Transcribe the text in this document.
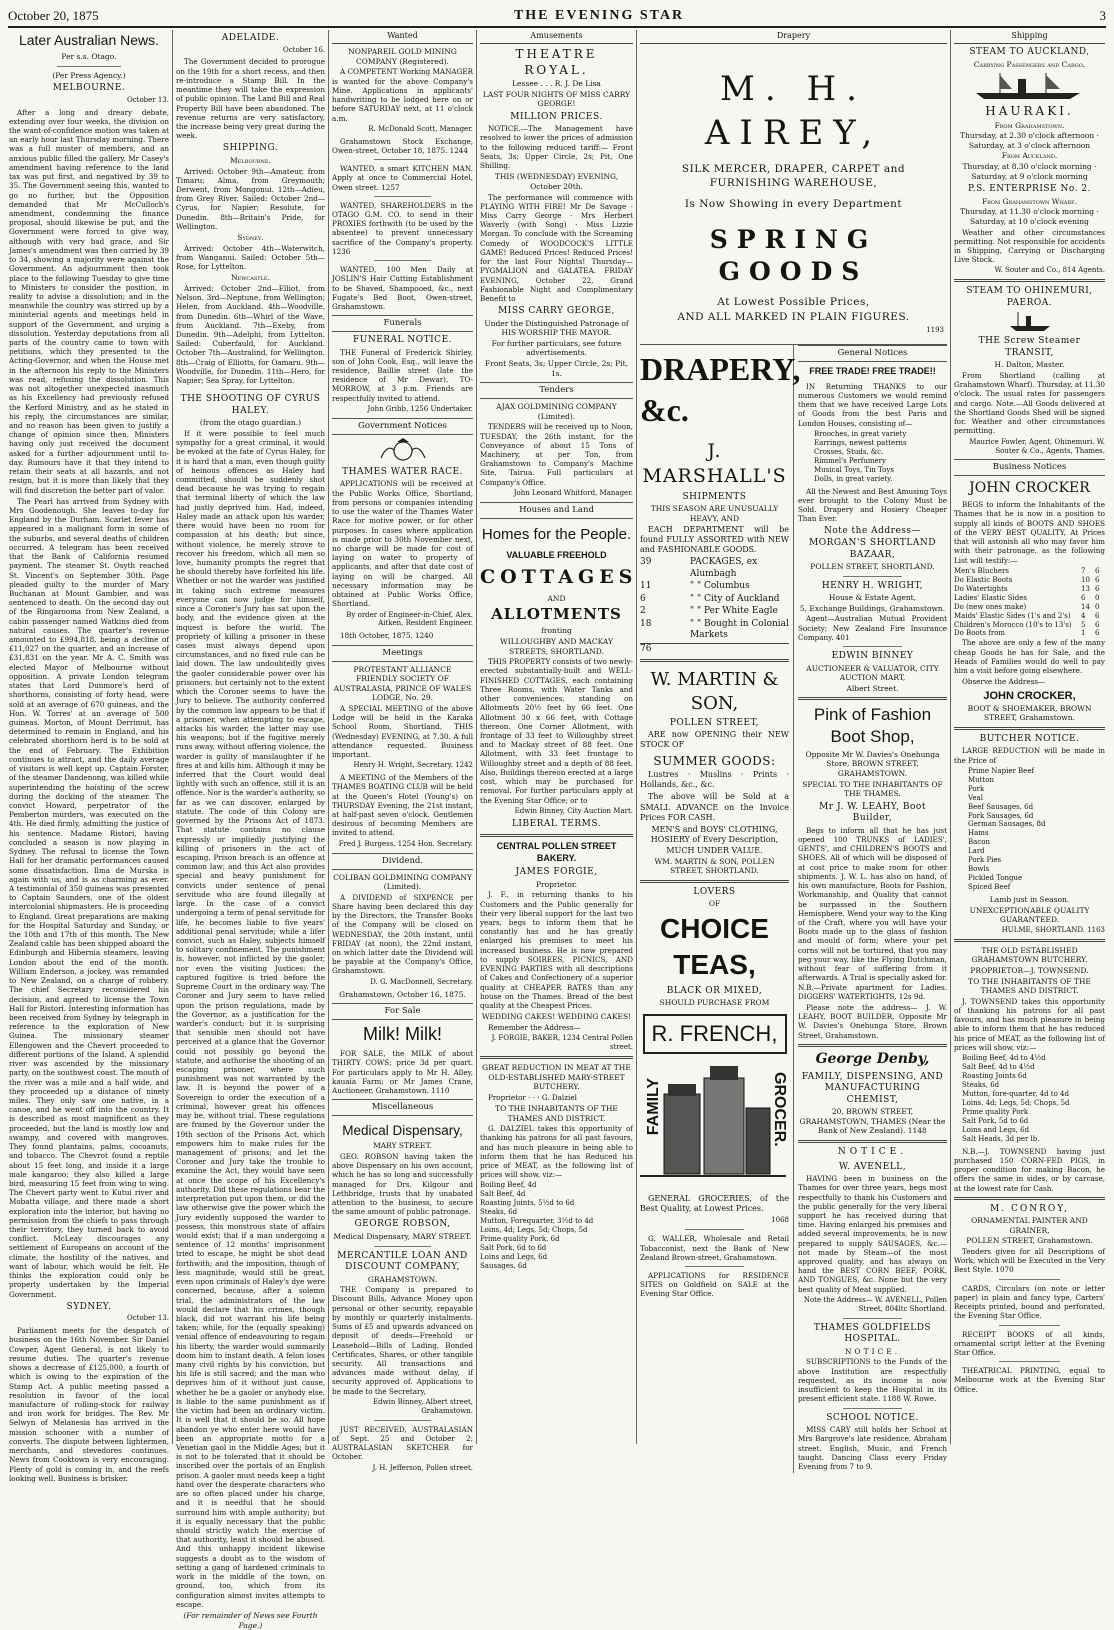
October 20, 1875	THE EVENING STAR	3
Later Australian News.
Per s.s. Otago.
(Per Press Agency.)
MELBOURNE.
October 13.

After a long and dreary debate, extending over four weeks, the division on the want-of-confidence motion was taken at an early hour last Thursday morning. There was a full muster of members, and an anxious public filled the gallery. Mr Casey's amendment having reference to the land tax was put first, and negatived by 39 to 35. The Government seeing this, wanted to go no further, but the Opposition demanded that Mr McCulloch's amendment, condemning the finance proposal, should likewise be put, and the Government were forced to give way, although with very bad grace, and Sir James's amendment was then carried by 39 to 34, showing a majority were against the Government. An adjournment then took place to the following Tuesday to give time to Ministers to consider the position, in reality to advise a dissolution; and in the meanwhile the country was stirred up by a ministerial agents and meetings held in support of the Government, and urging a dissolution. Yesterday deputations from all parts of the country came to town with petitions, which they presented to the Acting-Governor, and when the House met in the afternoon his reply to the Ministers was read, refusing the dissolution. This was not altogether unexpected inasmuch as his Excellency had previously refused the Kerford Ministry, and as he stated in his reply, the circumstances are similar, and no reason has been given to justify a change of opinion since then. Ministers having only just received the document asked for a further adjournment until to-day. Rumours have it that they intend to retain their seats at all hazards, and not resign, but it is more than likely that they will find discretion the better part of valor.

The Pearl has arrived from Sydney with Mrs Goodenough. She leaves to-day for England by the Durham. Scarlet fever has appeared in a malignant form in some of the suburbs, and several deaths of children occurred. A telegram has been received that the Bank of California resumed payment. The steamer St. Osyth reached St. Vincent's on September 30th. Page pleaded guilty to the murder of Mary Buchanan at Mount Gambier, and was sentenced to death. On the second day out of the Ringarooma from New Zealand, a cabin passenger named Watkins died from natural causes. The quarter's revenue amounted to £994,818, being a decline of £11,027 on the quarter, and an increase of £31,831 on the year. Mr A. C. Smith was elected Mayor of Melbourne without opposition. A private London telegram states that Lord Dunmore's herd of shorthorns, consisting of forty head, were sold at an average of 670 guineas, and the Hon. W. Torres' at an average of 500 guineas. Morton, of Mount Derrimut, has determined to remain in England, and his celebrated shorthorn herd is to be sold at the end of February. The Exhibition continues to attract, and the daily average of visitors is well kept up. Captain Forster, of the steamer Dandenong, was killed while superintending the hoisting of the screw during the docking of the steamer. The convict Howard, perpetrator of the Pemberton murders, was executed on the 4th. He died firmly, admitting the justice of his sentence. Madame Ristori, having concluded a season is now playing in Sydney. The refusal to license the Town Hall for her dramatic performances caused some dissatisfaction. Ilma de Murska is again with us, and is as charming as ever. A testimonial of 350 guineas was presented to Captain Saunders, one of the oldest intercolonial shipmasters. He is proceeding to England. Great preparations are making for the Hospital Saturday and Sunday, or the 10th and 17th of this month. The New Zealand cable has been shipped aboard the Edinburgh and Hibernia steamers, leaving London about the end of the month. William Enderson, a jockey, was remanded to New Zealand, on a charge of robbery. The chief Secretary reconsidered his decision, and agreed to license the Town Hall for Ristori. Interesting information has been received from Sydney by telegraph in reference to the exploration of New Guinea. The missionary steamer Ellengowen and the Chevert proceeded to different portions of the Island. A splendid river was ascended by the missionary party, on the southwest coast. The mouth of the river was a mile and a half wide, and they proceeded up a distance of ninety miles. They only saw one native, in a canoe, and he went off into the country. It is described as most magnificent as they proceeded, but the land is mostly low and swampy, and covered with mangroves. They found plantains, palms, cocoanuts, and tobacco. The Chevrot found a reptile about 15 feet long, and inside it a large male kangaroo; they also killed a large bird, measuring 15 feet from wing to wing. The Chevert party went to Kutui river and Mobatta village, and there made a short exploration into the interior, but having no permission from the chiefs to pass through their territory, they turned back to avoid conflict. McLeay discourages any settlement of Europeans on account of the climate, the hostility of the natives, and want of labour, which would be felt. He thinks the exploration could only be properly undertaken by the Imperial Government.

SYDNEY.
October 13.

Parliament meets for the despatch of business on the 16th November. Sir Daniel Cowper, Agent General, is not likely to resume duties. The quarter's revenue shows a decrease of £125,000, a fourth of which is owing to the expiration of the Stamp Act. A public meeting passed a resolution in favour of the local manufacture of rolling-stock for railway and iron work for bridges. The Rev. Mr Selwyn of Melanesia has arrived in the mission schooner with a number of converts. The dispute between lightermen, merchants, and stevedores continues. News from Cooktown is very encouraging. Plenty of gold is coming in, and the reefs looking well. Business is brisker.

ADELAIDE.
October 16.

The Government decided to prorogue on the 19th for a short recess, and then re-introduce a Stamp Bill. In the meantime they will take the expression of public opinion. The Land Bill and Real Property Bill have been abandoned. The revenue returns are very satisfactory, the increase being very great during the week.

SHIPPING.
Melbourne.

Arrived: October 9th—Amateur, from Timaru; Alma, from Greymouth; Derwent, from Mongonui. 12th—Adieu, from Grey River. Sailed: October 2nd—Cyrus, for Napier; Resolute, for Dunedin. 8th—Britain's Pride, for Wellington.

Sydney.

Arrived: October 4th—Waterwitch, from Wanganui. Sailed: October 5th—Rose, for Lyttelton.

Newcastle.

Arrived: October 2nd—Elliot, from Nelson. 3rd—Neptune, from Wellington; Helen, from Auckland. 4th—Woodville, from Dunedin. 6th—Whirl of the Wave, from Auckland. 7th—Exeby, from Dunedin. 9th—Adelphi, from Lyttelton. Sailed: Cuberfauld, for Auckland. October 7th—Australind, for Wellington. 8th—Craig of Elliotts, for Oamaru. 9th—Woodville, for Dunedin. 11th—Hero, for Napier; Sea Spray, for Lyttelton.

THE SHOOTING OF CYRUS HALEY.
(from the otago guardian.)

If it were possible to feel much sympathy for a great criminal, it would be evoked at the fate of Cyrus Haley, for it is hard that a man, even though guilty of heinous offences as Haley had committed, should be suddenly shot dead because he was trying to regain that terminal liberty of which the law had justly deprived him. Had, indeed, Haley made an attack upon his warder, there would have been no room for compassion at his death; but since, without violence, he merely strove to recover his freedom, which all men so love, humanity prompts the regret that he should thereby have forfeited his life. Whether or not the warder was justified in taking such extreme measures everyone can now judge for himself, since a Coroner's Jury has sat upon the body, and the evidence given at the inquest is before the world. The propriety of killing a prisoner in these cases must always depend upon circumstances, and no fixed rule can be laid down. The law undoubtedly gives the gaoler considerable power over his prisoners, but certainly not to the extent which the Coroner seems to have the Jury to believe. The authority conferred by the common law appears to be that if a prisoner, when attempting to escape, attacks his warder, the latter may use his weapons; but if the fugitive merely runs away, without offering violence, the warder is guilty of manslaughter if he fires at and kills him. Although it may be inferred that the Court would deal lightly with such an offence, still it is an offence. Nor is the warder's authority, so far as we can discover, enlarged by statute. The code of this Colony are governed by the Prisons Act of 1873. That statute contains no clause expressly or impliedly justifying the killing of prisoners in the act of escaping. Prison breach is an offence at common law; and this Act also provides special and heavy punishment for convicts under sentence of penal servitude who are found illegally at large. In the case of a convict undergoing a term of penal servitude for life, he becomes liable to five years' additional penal servitude; while a lifer convict, such as Haley, subjects himself to solitary confinement. The punishment is, however, not inflicted by the gaoler, nor even the visiting Justices: the captured fugitive is tried before the Supreme Court in the ordinary way. The Coroner and Jury seem to have relied upon the prison regulations, made by the Governor, as a justification for the warder's conduct; but it is surprising that sensible men should not have perceived at a glance that the Governor could not possibly go beyond the statute, and authorise the shooting of an escaping prisoner, where such punishment was not warranted by the law. It is beyond the power of a Sovereign to order the execution of a criminal, however great his offences may be, without trial. These regulations are framed by the Governor under the 19th section of the Prisons Act, which empowers him to make rules for the management of prisons; and let the Coroner and Jury take the trouble to examine the Act, they would have seen at once the scope of his Excellency's authority. Did these regulations bear the interpretation put upon them, or did the law otherwise give the power which the Jury evidently supposed the warder to possess, this monstrous state of affairs would exist; that if a man undergoing a sentence of 12 months' imprisonment tried to escape, he might be shot dead forthwith; and the imposition, though of less magnitude, would still be great, even upon criminals of Haley's dye were concerned, because, after a solemn trial, the administrators of the law would declare that his crimes, though black, did not warrant his life being taken; while, for the (equally speaking) venial offence of endeavouring to regain his liberty, the warder would summarily doom him to instant death. A felon loses many civil rights by his conviction, but his life is still sacred; and the man who deprives him of it without just cause, whether he be a gaoler or anybody else, is liable to the same punishment as if the victim had been an ordinary victim. It is well that it should be so. All hope abandon ye who enter here would have been an appropriate motto for a Venetian gaol in the Middle Ages; but it is not to be tolerated that it should be inscribed over the portals of an English prison. A gaoler must needs keep a tight hand over the desperate characters who are so often placed under his charge, and it is needful that he should surround him with ample authority; but it is equally necessary that the public should strictly watch the exercise of that authority, least it should be abused. And this unhappy incident likewise suggests a doubt as to the wisdom of setting a gang of hardened criminals to work in the middle of the town, on ground, too, which from its configuration almost invites attempts to escape.

(For remainder of News see Fourth Page.)
Wanted
NONPAREIL GOLD MINING COMPANY (Registered).

A COMPETENT Working MANAGER is wanted for the above Company's Mine. Applications in applicants' handwriting to be lodged here on or before SATURDAY next, at 11 o'clock a.m.

R. McDonald Scott, Manager.

Grahamstown Stock Exchange, Owen-street, October 18, 1875. 1244

WANTED, a smart KITCHEN MAN. Apply at once to Commercial Hotel, Owen street. 1257

WANTED, SHAREHOLDERS in the OTAGO G.M. CO. to send in their PROXIES forthwith (to be used by the absentee) to prevent unnecessary sacrifice of the Company's property. 1236

WANTED, 100 Men Daily at JOSLIN'S Hair Cutting Establishment to be Shaved, Shampooed, &c., next Fugate's Bed Boot, Owen-street, Grahamstown.

Funerals
FUNERAL NOTICE.

THE Funeral of Frederick Shirley, son of John Cook, Esq., will leave the residence, Baillie street (late the residence of Mr Dewar), TO-MORROW, at 3 p.m. Friends are respectfully invited to attend.

John Gribb, 1256 Undertaker.
Government Notices
THAMES WATER RACE.

APPLICATIONS will be received at the Public Works Office, Shortland, from persons or companies intending to use the water of the Thames Water Race for motive power, or for other purposes. In cases where application is made prior to 30th November next, no charge will be made for cost of laying on water to property of applicants, and after that date cost of laying on will be charged. All necessary information may be obtained at Public Works Office, Shortland.

By order of Engineer-in-Chief, Alex. Aitken, Resident Engineer.
18th October, 1875. 1240
Meetings
PROTESTANT ALLIANCE FRIENDLY SOCIETY OF AUSTRALASIA, PRINCE OF WALES LODGE, No. 29.

A SPECIAL MEETING of the above Lodge will be held in the Karaka School Room, Shortland, THIS (Wednesday) EVENING, at 7.30. A full attendance requested. Business important.

Henry H. Wright, Secretary. 1242

A MEETING of the Members of the THAMES BOATING CLUB will be held at the Queen's Hotel (Young's) on THURSDAY Evening, the 21st instant, at half-past seven o'clock. Gentlemen desirous of becoming Members are invited to attend.

Fred J. Burgess, 1254 Hon. Secretary.
Dividend.
COLIBAN GOLDMINING COMPANY (Limited).

A DIVIDEND of SIXPENCE per Share having been declared this day by the Directors, the Transfer Books of the Company will be closed on WEDNESDAY, the 20th instant, until FRIDAY (at noon), the 22nd instant, on which latter date the Dividend will be payable at the Company's Office, Grahamstown.

D. G. MacDonnell, Secretary.
Grahamstown, October 16, 1875.
For Sale
Milk! Milk!

FOR SALE, the MILK of about THIRTY COWS; price 3d per quart. For particulars apply to Mr H. Alley, kauaia Farm; or Mr James Crane, Auctioneer, Grahamstown. 1110

Miscellaneous
Medical Dispensary,
MARY STREET.

GEO. ROBSON having taken the above Dispensary on his own account, which he has so long and successfully managed for Drs. Kilgour and Lethbridge, trusts that by unabated attention to the business, to secure the same amount of public patronage.

GEORGE ROBSON,
Medical Dispensary, MARY STREET.
MERCANTILE LOAN AND DISCOUNT COMPANY,
GRAHAMSTOWN.

THE Company is prepared to Discount Bills, Advance Money upon personal or other security, repayable by monthly or quarterly instalments. Sums of £5 and upwards advanced on deposit of deeds—Freehold or Leasehold—Bills of Lading, Bonded Certificates, Shares, or other tangible security. All transactions and advances made without delay, if security approved of. Applications to be made to the Secretary,

Edwin Binney, Albert street, Grahamstown.

JUST RECEIVED, AUSTRALASIAN of Sept. 25 and October 2; AUSTRALASIAN SKETCHER for October.

J. H. Jefferson, Pollen street.
Amusements
THEATRE ROYAL.
Lessee . . . R. J. De Lisa
LAST FOUR NIGHTS OF MISS CARRY GEORGE!
MILLION PRICES.

NOTICE.—The Management have resolved to lower the prices of admission to the following reduced tariff:— Front Seats, 3s; Upper Circle, 2s; Pit, One Shilling.

THIS (WEDNESDAY) EVENING, October 20th.

The performance will commence with PLAYING WITH FIRE! Mr De Savage · Miss Carry George · Mrs Herbert Waverly (with Song) · Miss Lizzie Morgan. To conclude with the Screaming Comedy of WOODCOCK'S LITTLE GAME! Reduced Prices! Reduced Prices! for the last Four Nights! Thursday—PYGMALION and GALATEA. FRIDAY EVENING, October 22, Grand Fashionable Night and Complimentary Benefit to

MISS CARRY GEORGE,
Under the Distinguished Patronage of HIS WORSHIP THE MAYOR.
For further particulars, see future advertisements.
Front Seats, 3s; Upper Circle, 2s; Pit, 1s.
Tenders
AJAX GOLDMINING COMPANY (Limited).

TENDERS will be received up to Noon, TUESDAY, the 26th instant, for the Conveyance of about 15 Tons of Machinery, at per Ton, from Grahamstown to Company's Machine Site, Tairua. Full particulars at Company's Office.

John Leonard Whitford, Manager.
Houses and Land
Homes for the People.
VALUABLE FREEHOLD
COTTAGES
AND
ALLOTMENTS
fronting
WILLOUGHBY AND MACKAY STREETS, SHORTLAND.

THIS PROPERTY consists of two newly-erected substantially-built and WELL-FINISHED COTTAGES, each containing Three Rooms, with Water Tanks and other conveniences, standing on Allotments 20½ feet by 66 feet. One Allotment 30 x 66 feet, with Cottage thereon. One Corner Allotment, with frontage of 33 feet to Willoughby street and to Mackay street of 88 feet. One Allotment, with 33 feet frontage to Willoughby street and a depth of 88 feet. Also, Buildings thereon erected at a large cost, which may be purchased for removal. For further particulars apply at the Evening Star Office; or to

Edwin Binney, City Auction Mart.
LIBERAL TERMS.
CENTRAL POLLEN STREET BAKERY.
JAMES FORGIE,
Proprietor.

J. F., in returning thanks to his Customers and the Public generally for their very liberal support for the last two years, begs to inform them that he constantly has and he has greatly enlarged his premises to meet his increased business. He is now prepared to supply SOIREES, PICNICS, AND EVENING PARTIES with all descriptions of Cakes and Confectionery of a superior quality at CHEAPER RATES than any house on the Thames. Bread of the best quality at the Cheapest Prices.

WEDDING CAKES! WEDDING CAKES!
Remember the Address—
J. FORGIE, BAKER, 1234 Central Pollen street.
GREAT REDUCTION IN MEAT AT THE OLD-ESTABLISHED MARY-STREET BUTCHERY.
Proprietor · · · G. Dalziel
TO THE INHABITANTS OF THE THAMES AND DISTRICT.

G. DALZIEL takes this opportunity of thanking his patrons for all past favours, and has much pleasure in being able to inform them that he has Reduced his price of MEAT, as the following list of prices will show, viz:—

Boiling Beef, 4d
Salt Beef, 4d
Roasting Joints, 5½d to 6d
Steaks, 6d
Mutton, Forequarter, 3½d to 4d
Loins, 4d; Legs, 5d; Chops, 5d
Prime quality Pork, 6d
Salt Pork, 6d to 6d
Loins and Legs, 6d
Sausages, 6d
Drapery
M. H. AIREY,
SILK MERCER, DRAPER, CARPET and FURNISHING WAREHOUSE,
Is Now Showing in every Department
SPRING GOODS
At Lowest Possible Prices,
AND ALL MARKED IN PLAIN FIGURES.
1193
DRAPERY, &c.
J. MARSHALL'S
SHIPMENTS
THIS SEASON ARE UNUSUALLY HEAVY, AND

EACH DEPARTMENT will be found FULLY ASSORTED with NEW and FASHIONABLE GOODS.

39	PACKAGES, ex Alumbagh
11	" " Columbus
6	" " City of Auckland
2	" " Per White Eagle
18	" " Bought in Colonial Markets
76
W. MARTIN & SON,
POLLEN STREET,

ARE now OPENING their NEW STOCK OF

SUMMER GOODS:

Lustres · Muslins · Prints · Hollands, &c., &c.

The above will be Sold at a SMALL ADVANCE on the Invoice Prices FOR CASH.

MEN'S and BOYS' CLOTHING, HOSIERY of Every Description, MUCH UNDER VALUE.

WM. MARTIN & SON, POLLEN STREET, SHORTLAND.
LOVERS
OF
CHOICE TEAS,
BLACK OR MIXED,
SHOULD PURCHASE FROM
R. FRENCH,
FAMILY	GROCER.

GENERAL GROCERIES, of the Best Quality, at Lowest Prices.

1068

G. WALLER, Wholesale and Retail Tobacconist, next the Bank of New Zealand Brown-street, Grahamstown.

APPLICATIONS for RESIDENCE SITES on Goldfield on SALE at the Evening Star Office.

General Notices
FREE TRADE! FREE TRADE!!

IN Returning THANKS to our numerous Customers we would remind them that we have received Large Lots of Goods from the best Paris and London Houses, consisting of—

Brooches, in great variety
Earrings, newest patterns
Crosses, Studs, &c.
Rimmel's Perfumery
Musical Toys, Tin Toys
Dolls, in great variety.

All the Newest and Best Amusing Toys ever brought to the Colony Must be Sold. Drapery and Hosiery Cheaper Than Ever.

Note the Address— MORGAN'S SHORTLAND BAZAAR,
POLLEN STREET, SHORTLAND.
HENRY H. WRIGHT,
House & Estate Agent,
5, Exchange Buildings, Grahamstown.

Agent—Australian Mutual Provident Society; New Zealand Fire Insurance Company. 401

EDWIN BINNEY
AUCTIONEER & VALUATOR, CITY AUCTION MART,
Albert Street.
Pink of Fashion Boot Shop,
Opposite Mr W. Davies's Onehunga Store, BROWN STREET, GRAHAMSTOWN.
SPECIAL TO THE INHABITANTS OF THE THAMES.
Mr J. W. LEAHY, Boot Builder,

Begs to inform all that he has just opened 100 TRUNKS of LADIES', GENTS', and CHILDREN'S BOOTS and SHOES. All of which will be disposed of at cost price to make room for other shipments. J. W. L. has also on hand, of his own manufacture, Boots for Fashion, Workmanship, and Quality that cannot be surpassed in the Southern Hemisphere. Wend your way to the King of the Craft, where you will have your Boots made up to the glass of fashion and mould of form; where your pet corns will not be tortured, that you may peg your way, like the Flying Dutchman, without fear of suffering from it afterwards. A Trial is specially asked for. N.B.—Private apartment for Ladies. DIGGERS' WATERTIGHTS, 12s 9d.

Please note the address— J. W. LEAHY, BOOT BUILDER, Opposite Mr W. Davies's Onehunga Store, Brown Street, Grahamstown.

George Denby,
FAMILY, DISPENSING, AND MANUFACTURING CHEMIST,
20, BROWN STREET, GRAHAMSTOWN, THAMES (Near the Bank of New Zealand). 1148
NOTICE.
W. AVENELL,

HAVING been in business on the Thames for over three years, begs most respectfully to thank his Customers and the public generally for the very liberal support he has received during that time. Having enlarged his premises and added several improvements, he is now prepared to supply SAUSAGES, &c.—not made by Steam—of the most approved quality, and has always on hand the BEST CORN BEEF, PORK, AND TONGUES, &c. None but the very best quality of Meat supplied.

Note the Address— W. AVENELL, Pollen Street, 804ltc Shortland.
THAMES GOLDFIELDS HOSPITAL.
NOTICE.

SUBSCRIPTIONS to the Funds of the above Institution are respectfully requested, as its income is now insufficient to keep the Hospital in its present efficient state. 1188 W. Rowe.

SCHOOL NOTICE.

MISS CARY still holds her School at Mrs Bargrove's late residence, Abraham street. English, Music, and French taught. Dancing Class every Friday Evening from 7 to 9.

Shipping
STEAM TO AUCKLAND,
Carrying Passengers and Cargo.
HAURAKI.
From Grahamstown.
Thursday, at 2.30 o'clock afternoon · Saturday, at 3 o'clock afternoon
From Auckland.
Thursday, at 8.30 o'clock morning · Saturday, at 9 o'clock morning
P.S. ENTERPRISE No. 2.
From Grahamstown Wharf.
Thursday, at 11.30 o'clock morning · Saturday, at 10 o'clock evening

Weather and other circumstances permitting. Not responsible for accidents in Shipping, Carrying or Discharging Live Stock.

W. Souter and Co., 814 Agents.
STEAM TO OHINEMURI, PAEROA.
THE Screw Steamer TRANSIT,
H. Dalton, Master.

From Shortland (calling at Grahamstown Wharf). Thursday, at 11.30 o'clock. The usual rates for passengers and cargo. Note.—All Goods delivered at the Shortland Goods Shed will be signed for. Weather and other circumstances permitting.

Maurice Fowler, Agent, Ohinemuri. W. Souter & Co., Agents, Thames.
Business Notices
JOHN CROCKER

BEGS to inform the Inhabitants of the Thames that he is now in a position to supply all kinds of BOOTS AND SHOES of the VERY BEST QUALITY, At Prices that will astonish all who may favor him with their patronage, as the following List will testify:—

Men's Bluchers	7	6
Do Elastic Boots	10 6
Do Watertights	13 6
Ladies' Elastic Sides	6	0
Do (new ones make)	14 0
Maids' Elastic Sides (1's and 2's)	4	6
Children's Morocco (10's to 13's)	5	6
Do Boots from	1	6

The above are only a few of the many cheap Goods he has for Sale, and the Heads of Families would do well to pay him a visit before going elsewhere.

Observe the Address—
JOHN CROCKER,
BOOT & SHOEMAKER, BROWN STREET, Grahamstown.
BUTCHER NOTICE.

LARGE REDUCTION will be made in the Price of

Prime Napier Beef
Mutton
Pork
Veal
Beef Sausages, 6d
Pork Sausages, 6d
German Sausages, 8d
Hams
Bacon
Lard
Pork Pies
Bowls
Pickled Tongue
Spiced Beef
Lamb just in Season.
UNEXCEPTIONABLE QUALITY GUARANTEED.
HULME, SHORTLAND. 1163
THE OLD ESTABLISHED GRAHAMSTOWN BUTCHERY.
PROPRIETOR—J. TOWNSEND.
TO THE INHABITANTS OF THE THAMES AND DISTRICT.

J. TOWNSEND takes this opportunity of thanking his patrons for all past favours, and has much pleasure in being able to inform them that he has reduced his price of MEAT, as the following list of prices will show, viz:—

Boiling Beef, 4d to 4½d
Salt Beef, 4d to 4½d
Roasting Joints 6d
Steaks, 6d
Mutton, fore-quarter, 4d to 4d
Loins, 4d; Legs, 5d; Chops, 5d
Prime quality Pork
Salt Pork, 5d to 6d
Loins and Legs, 6d
Salt Heads, 3d per lb.

N.B.—J. TOWNSEND having just purchased 150 CORN-FED PIGS, in proper condition for making Bacon, he offers the same in sides, or by carcase, at the lowest rate for Cash.

M. CONROY,
ORNAMENTAL PAINTER AND GRAINER,
POLLEN STREET, Grahamstown.

Tenders given for all Descriptions of Work, which will be Executed in the Very Best Style. 1070

CARDS, Circulars (on note or letter paper) in plain and fancy type, Carters' Receipts printed, bound and perforated, the Evening Star Office.

RECEIPT BOOKS of all kinds, ornamental script letter at the Evening Star Office.

THEATRICAL PRINTING, equal to Melbourne work at the Evening Star Office.
